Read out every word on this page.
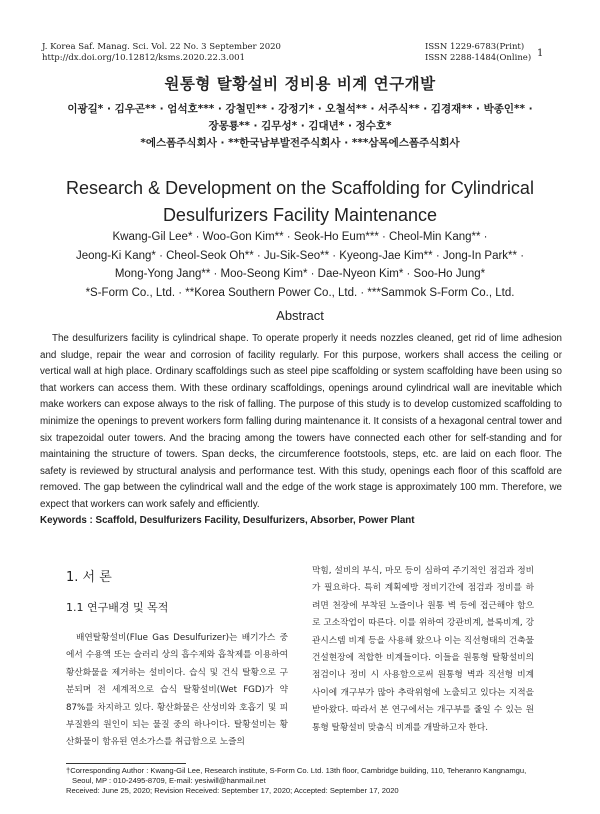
J. Korea Saf. Manag. Sci. Vol. 22 No. 3 September 2020
http://dx.doi.org/10.12812/ksms.2020.22.3.001
ISSN 1229-6783(Print)
ISSN 2288-1484(Online) 1
원통형 탈황설비 정비용 비계 연구개발
이광길* · 김우곤** · 엄석호*** · 강철민** · 강정기* · 오철석** · 서주식** · 김경재** · 박종인** ·
장몽룡** · 김무성* · 김대년* · 정수호*
*에스폼주식회사 · **한국남부발전주식회사 · ***삼목에스폼주식회사
Research & Development on the Scaffolding for Cylindrical
Desulfurizers Facility Maintenance
Kwang-Gil Lee* · Woo-Gon Kim** · Seok-Ho Eum*** · Cheol-Min Kang** ·
Jeong-Ki Kang* · Cheol-Seok Oh** · Ju-Sik-Seo** · Kyeong-Jae Kim** · Jong-In Park** ·
Mong-Yong Jang** · Moo-Seong Kim* · Dae-Nyeon Kim* · Soo-Ho Jung*
*S-Form Co., Ltd. · **Korea Southern Power Co., Ltd. · ***Sammok S-Form Co., Ltd.
Abstract
The desulfurizers facility is cylindrical shape. To operate properly it needs nozzles cleaned, get rid of lime adhesion and sludge, repair the wear and corrosion of facility regularly. For this purpose, workers shall access the ceiling or vertical wall at high place. Ordinary scaffoldings such as steel pipe scaffolding or system scaffolding have been using so that workers can access them. With these ordinary scaffoldings, openings around cylindrical wall are inevitable which make workers can expose always to the risk of falling. The purpose of this study is to develop customized scaffolding to minimize the openings to prevent workers form falling during maintenance it. It consists of a hexagonal central tower and six trapezoidal outer towers. And the bracing among the towers have connected each other for self-standing and for maintaining the structure of towers. Span decks, the circumference footstools, steps, etc. are laid on each floor. The safety is reviewed by structural analysis and performance test. With this study, openings each floor of this scaffold are removed. The gap between the cylindrical wall and the edge of the work stage is approximately 100 mm. Therefore, we expect that workers can work safely and efficiently.
Keywords : Scaffold, Desulfurizers Facility, Desulfurizers, Absorber, Power Plant
1. 서 론
1.1 연구배경 및 목적
배연탈황설비(Flue Gas Desulfurizer)는 배기가스 중에서 수용액 또는 슬러리 상의 흡수제와 흡착제를 이용하여 황산화물을 제거하는 설비이다. 습식 및 건식 탈황으로 구분되며 전 세계적으로 습식 탈황설비(Wet FGD)가 약 87%를 차지하고 있다. 황산화물은 산성비와 호흡기 및 피부질환의 원인이 되는 물질 중의 하나이다. 탈황설비는 황산화물이 함유된 연소가스를 취급함으로 노즐의
막힘, 설비의 부식, 마모 등이 심하여 주기적인 점검과 정비가 필요하다. 특히 계획예방 정비기간에 점검과 정비를 하려면 천장에 부착된 노즐이나 원통 벽 등에 접근해야 함으로 고소작업이 따른다. 이를 위하여 강관비계, 블록비계, 강관시스템 비계 등을 사용해 왔으나 이는 직선형태의 건축물 건설현장에 적합한 비계들이다. 이들을 원통형 탈황설비의 점검이나 정비 시 사용함으로써 원통형 벽과 직선형 비계 사이에 개구부가 많아 추락위험에 노출되고 있다는 지적을 받아왔다. 따라서 본 연구에서는 개구부를 줄일 수 있는 원통형 탈황설비 맞춤식 비계를 개발하고자 한다.
†Corresponding Author : Kwang-Gil Lee, Research institute, S-Form Co. Ltd. 13th floor, Cambridge building, 110, Teheranro Kangnamgu,
Seoul, MP : 010-2495-8709, E-mail: yesiwill@hanmail.net
Received: June 25, 2020; Revision Received: September 17, 2020; Accepted: September 17, 2020
